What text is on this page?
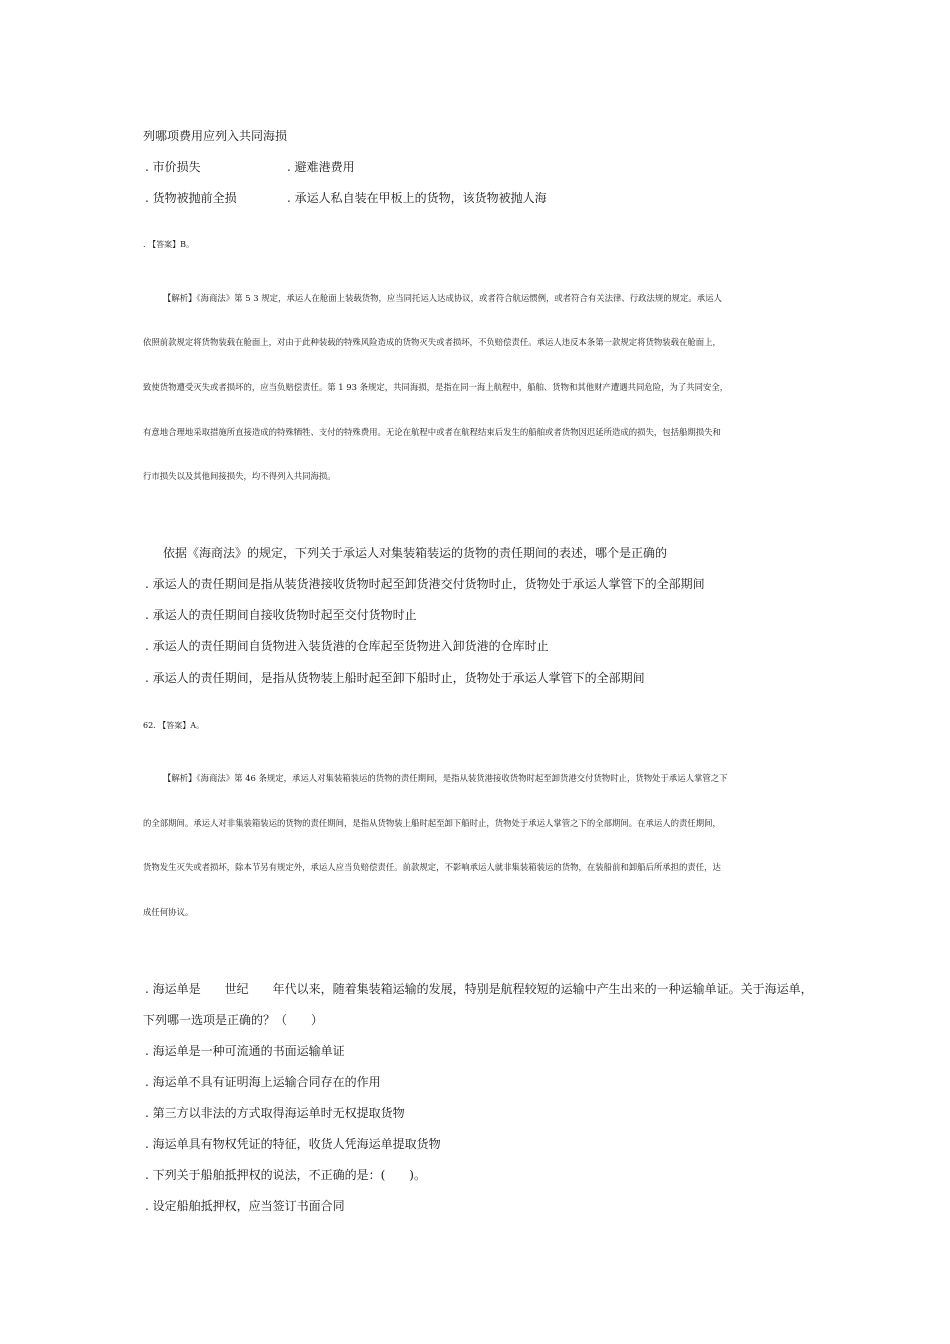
列哪项费用应列入共同海损
. 市价损失	. 避难港费用
. 货物被抛前全损	. 承运人私自装在甲板上的货物，该货物被抛人海
. 【答案】B。
【解析】《海商法》第 5 3 规定，承运人在舱面上装载货物，应当同托运人达成协议，或者符合航运惯例，或者符合有关法律、行政法规的规定。承运人
依照前款规定将货物装载在舱面上，对由于此种装载的特殊风险造成的货物灭失或者损坏，不负赔偿责任。承运人违反本条第一款规定将货物装载在舱面上，
致使货物遭受灭失或者损坏的，应当负赔偿责任。第 1 93 条规定，共同海损，是指在同一海上航程中，船舶、货物和其他财产遭遇共同危险，为了共同安全，
有意地合理地采取措施所直接造成的特殊牺牲、支付的特殊费用。无论在航程中或者在航程结束后发生的船舶或者货物因迟延所造成的损失，包括船期损失和
行市损失以及其他间接损失，均不得列入共同海损。
依据《海商法》的规定，下列关于承运人对集装箱装运的货物的责任期间的表述，哪个是正确的
. 承运人的责任期间是指从装货港接收货物时起至卸货港交付货物时止，货物处于承运人掌管下的全部期间
. 承运人的责任期间自接收货物时起至交付货物时止
. 承运人的责任期间自货物进入装货港的仓库起至货物进入卸货港的仓库时止
. 承运人的责任期间，是指从货物装上船时起至卸下船时止，货物处于承运人掌管下的全部期间
62. 【答案】A。
【解析】《海商法》第 46 条规定，承运人对集装箱装运的货物的责任期间，是指从装货港接收货物时起至卸货港交付货物时止，货物处于承运人掌管之下
的全部期间。承运人对非集装箱装运的货物的责任期间，是指从货物装上船时起至卸下船时止，货物处于承运人掌管之下的全部期间。在承运人的责任期间，
货物发生灭失或者损坏，除本节另有规定外，承运人应当负赔偿责任。前款规定，不影响承运人就非集装箱装运的货物，在装船前和卸船后所承担的责任，达
成任何协议。
. 海运单是　　世纪　　年代以来，随着集装箱运输的发展，特别是航程较短的运输中产生出来的一种运输单证。关于海运单，
下列哪一选项是正确的？（　　）
. 海运单是一种可流通的书面运输单证
. 海运单不具有证明海上运输合同存在的作用
. 第三方以非法的方式取得海运单时无权提取货物
. 海运单具有物权凭证的特征，收货人凭海运单提取货物
. 下列关于船舶抵押权的说法，不正确的是：(　　)。
. 设定船舶抵押权，应当签订书面合同
